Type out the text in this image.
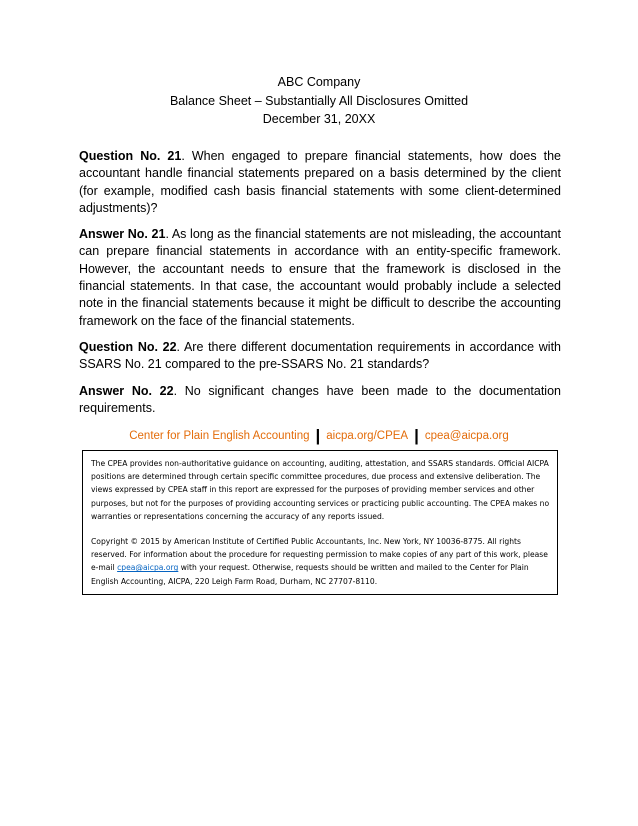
ABC Company
Balance Sheet – Substantially All Disclosures Omitted
December 31, 20XX

Question No. 21. When engaged to prepare financial statements, how does the accountant handle financial statements prepared on a basis determined by the client (for example, modified cash basis financial statements with some client-determined adjustments)?

Answer No. 21. As long as the financial statements are not misleading, the accountant can prepare financial statements in accordance with an entity-specific framework. However, the accountant needs to ensure that the framework is disclosed in the financial statements. In that case, the accountant would probably include a selected note in the financial statements because it might be difficult to describe the accounting framework on the face of the financial statements.

Question No. 22. Are there different documentation requirements in accordance with SSARS No. 21 compared to the pre-SSARS No. 21 standards?

Answer No. 22. No significant changes have been made to the documentation requirements.

Center for Plain English Accounting | aicpa.org/CPEA | cpea@aicpa.org

The CPEA provides non-authoritative guidance on accounting, auditing, attestation, and SSARS standards. Official AICPA positions are determined through certain specific committee procedures, due process and extensive deliberation. The views expressed by CPEA staff in this report are expressed for the purposes of providing member services and other purposes, but not for the purposes of providing accounting services or practicing public accounting. The CPEA makes no warranties or representations concerning the accuracy of any reports issued.

Copyright © 2015 by American Institute of Certified Public Accountants, Inc. New York, NY 10036-8775. All rights reserved. For information about the procedure for requesting permission to make copies of any part of this work, please e-mail cpea@aicpa.org with your request. Otherwise, requests should be written and mailed to the Center for Plain English Accounting, AICPA, 220 Leigh Farm Road, Durham, NC 27707-8110.
